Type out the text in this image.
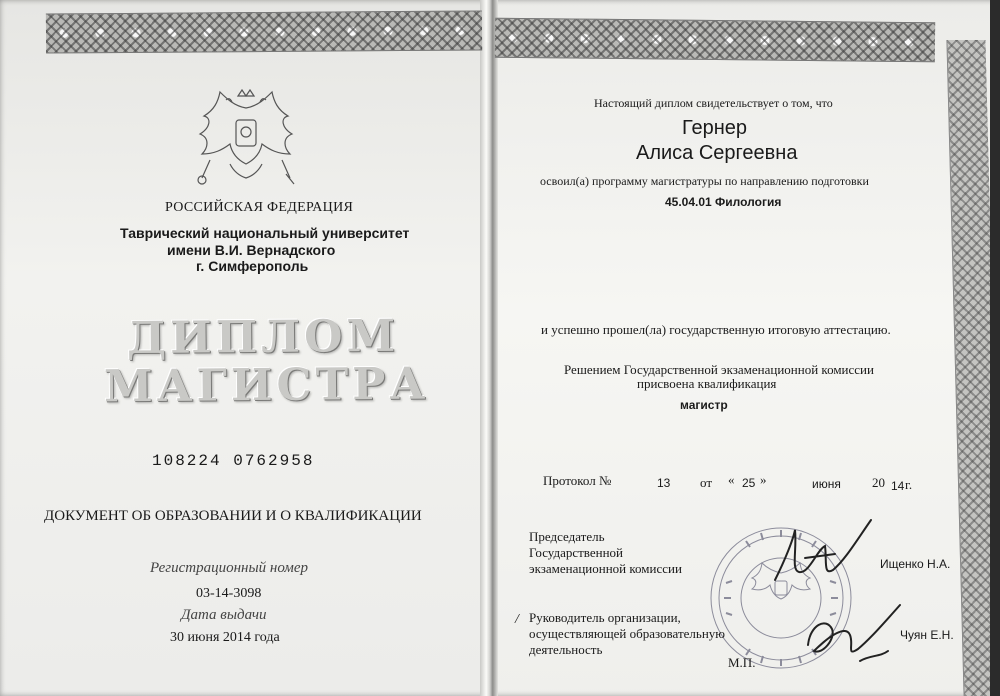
РОССИЙСКАЯ ФЕДЕРАЦИЯ
Таврический национальный университет
имени В.И. Вернадского
г. Симферополь
ДИПЛОМ
МАГИСТРА
108224 0762958
ДОКУМЕНТ ОБ ОБРАЗОВАНИИ И О КВАЛИФИКАЦИИ
Регистрационный номер
03-14-3098
Дата выдачи
30 июня 2014 года
Настоящий диплом свидетельствует о том, что
Гернер
Алиса Сергеевна
освоил(а) программу магистратуры по направлению подготовки
45.04.01 Филология
и успешно прошел(ла) государственную итоговую аттестацию.
Решением Государственной экзаменационной комиссии
присвоена квалификация
магистр
Протокол №	13 от « 25 »	июня 20 14 г.
Председатель
Государственной
экзаменационной комиссии	Ищенко Н.А.
/ Руководитель организации,
осуществляющей образовательную
деятельность
Чуян Е.Н.
М.П.
